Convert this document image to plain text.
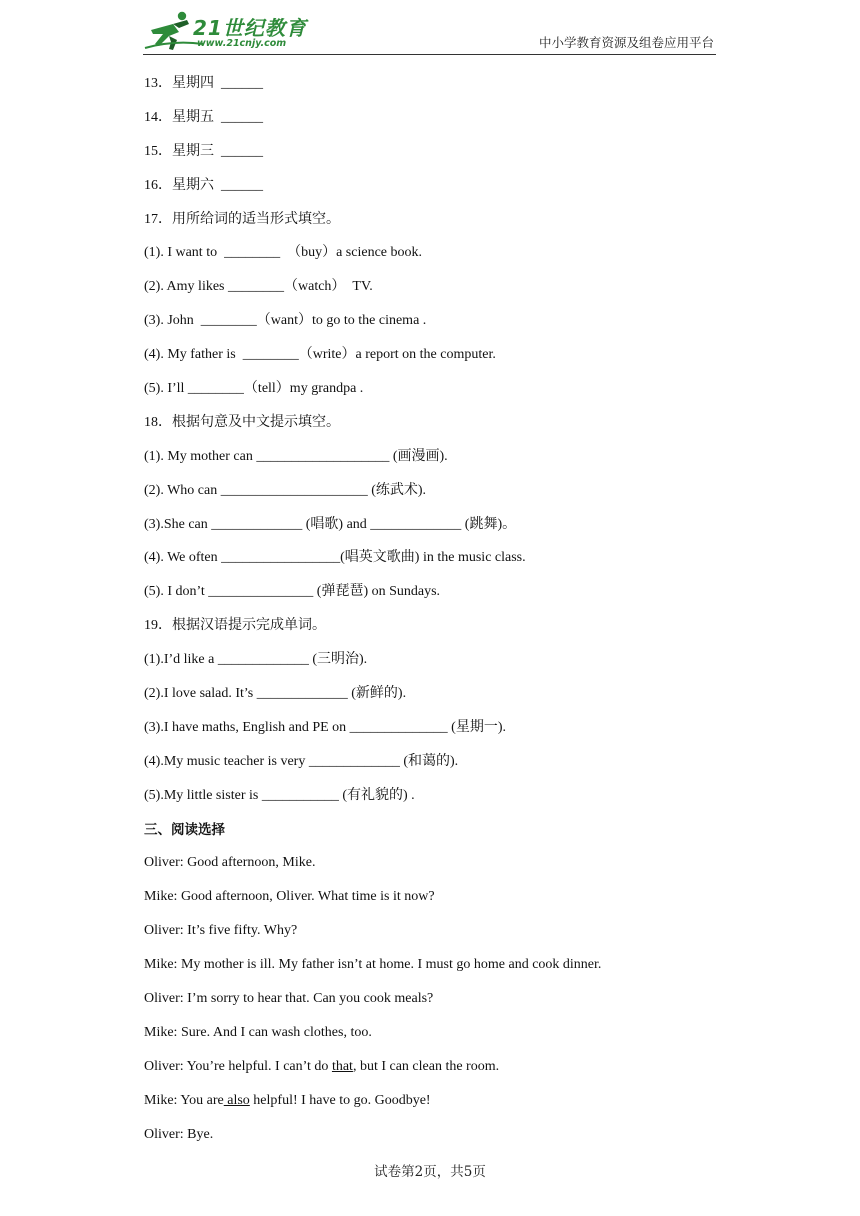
21世纪教育
www.21cnjy.com	中小学教育资源及组卷应用平台
13．星期四  ______
14．星期五  ______
15．星期三  ______
16．星期六  ______
17．用所给词的适当形式填空。
(1). I want to  ________  （buy）a science book.
(2). Amy likes ________（watch）  TV.
(3). John  ________（want）to go to the cinema .
(4). My father is  ________（write）a report on the computer.
(5). I’ll ________（tell）my grandpa .
18．根据句意及中文提示填空。
(1). My mother can ___________________ (画漫画).
(2). Who can _____________________ (练武术).
(3).She can _____________ (唱歌) and _____________ (跳舞)。
(4). We often _________________(唱英文歌曲) in the music class.
(5). I don’t _______________ (弹琵琶) on Sundays.
19．根据汉语提示完成单词。
(1).I’d like a _____________ (三明治).
(2).I love salad. It’s _____________ (新鲜的).
(3).I have maths, English and PE on ______________ (星期一).
(4).My music teacher is very _____________ (和蔼的).
(5).My little sister is ___________ (有礼貌的) .
三、阅读选择
Oliver: Good afternoon, Mike.
Mike: Good afternoon, Oliver. What time is it now?
Oliver: It’s five fifty. Why?
Mike: My mother is ill. My father isn’t at home. I must go home and cook dinner.
Oliver: I’m sorry to hear that. Can you cook meals?
Mike: Sure. And I can wash clothes, too.
Oliver: You’re helpful. I can’t do that, but I can clean the room.
Mike: You are also helpful! I have to go. Goodbye!
Oliver: Bye.
试卷第2页，共5页
